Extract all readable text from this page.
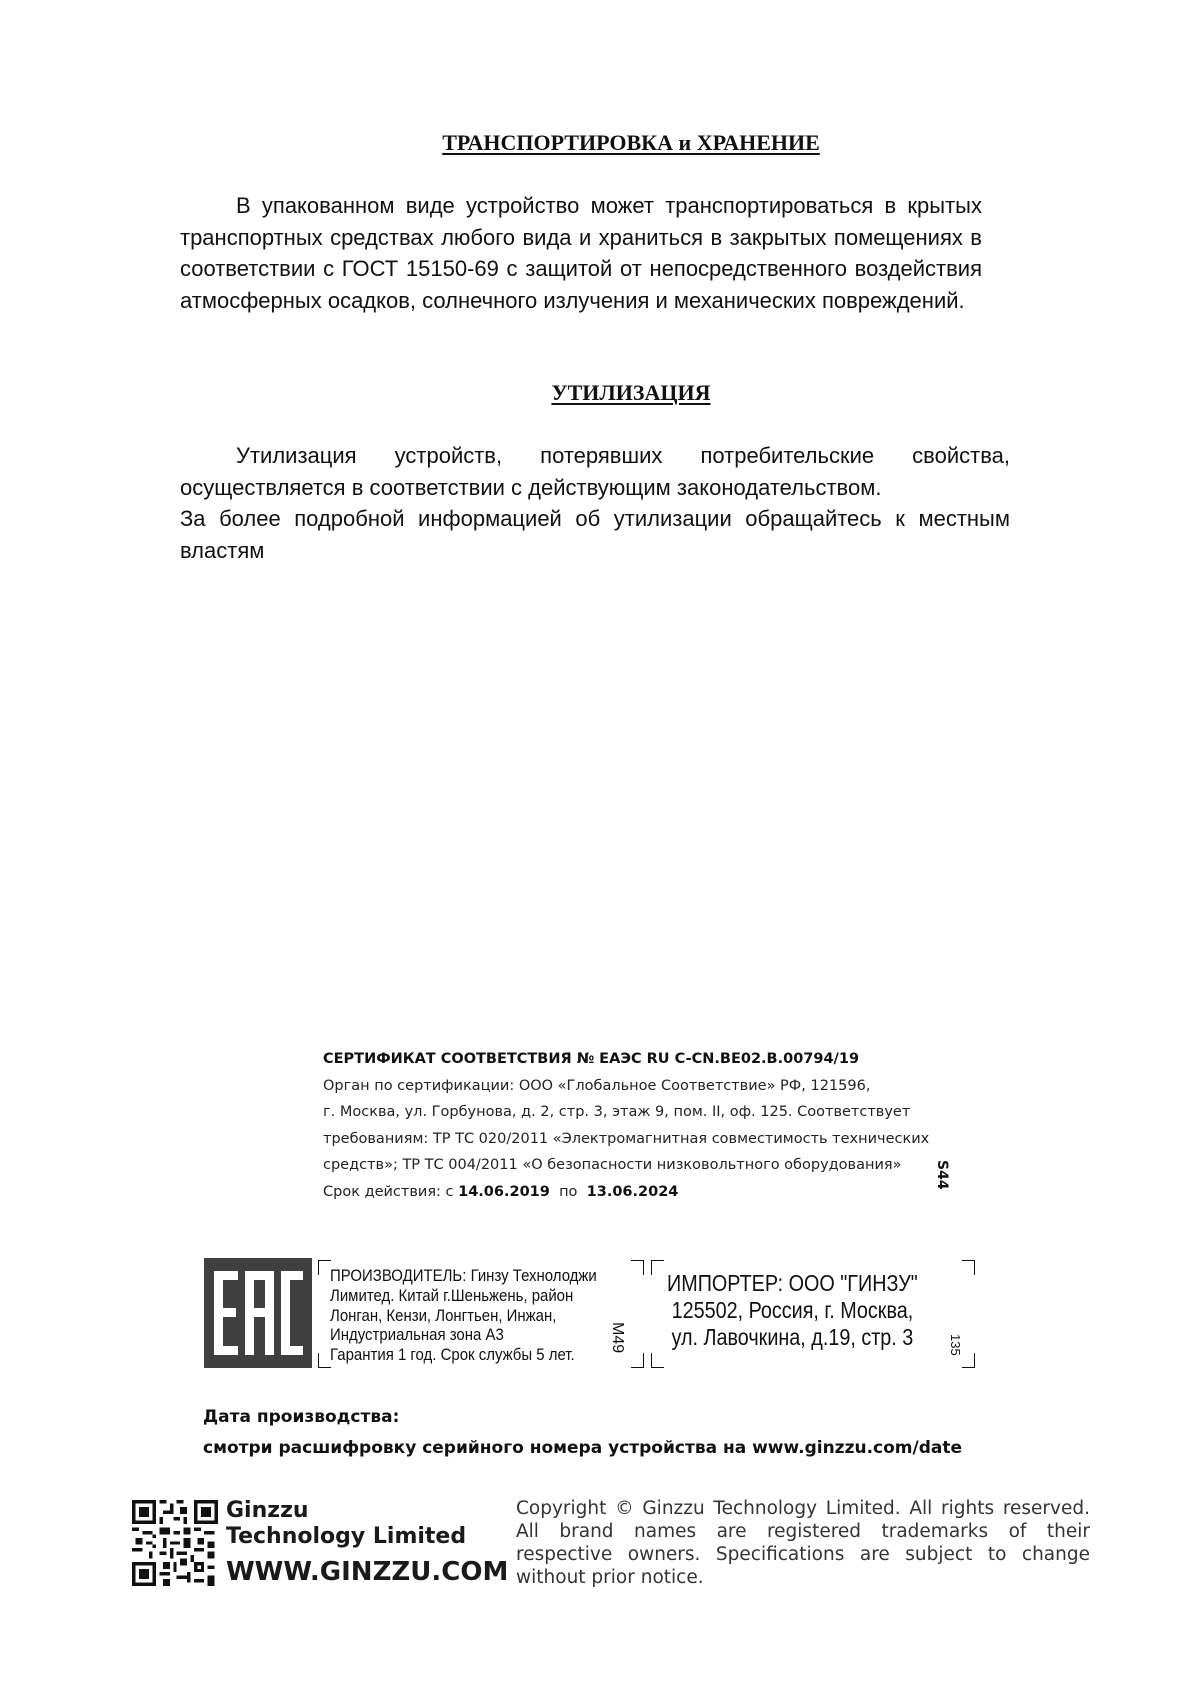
ТРАНСПОРТИРОВКА и ХРАНЕНИЕ

В упакованном виде устройство может транспортироваться в крытых транспортных средствах любого вида и храниться в закрытых помещениях в соответствии с ГОСТ 15150-69 с защитой от непосредственного воздействия атмосферных осадков, солнечного излучения и механических повреждений.

УТИЛИЗАЦИЯ

Утилизация устройств, потерявших потребительские свойства, осуществляется в соответствии с действующим законодательством.

За более подробной информацией об утилизации обращайтесь к местным властям

СЕРТИФИКАТ СООТВЕТСТВИЯ № ЕАЭС RU C-CN.BE02.B.00794/19
Орган по сертификации: ООО «Глобальное Соответствие» РФ, 121596,
г. Москва, ул. Горбунова, д. 2, стр. 3, этаж 9, пом. II, оф. 125. Соответствует
требованиям: ТР ТС 020/2011 «Электромагнитная совместимость технических
средств»; ТР ТС 004/2011 «О безопасности низковольтного оборудования»
Срок действия: с 14.06.2019  по  13.06.2024
S44
ПРОИЗВОДИТЕЛЬ: Гинзу Технолоджи
Лимитед. Китай г.Шеньжень, район
Лонган, Кензи, Лонгтьен, Инжан,
Индустриальная зона А3
Гарантия 1 год. Срок службы 5 лет.
M49
ИМПОРТЕР: ООО "ГИНЗУ"
125502, Россия, г. Москва,
ул. Лавочкина, д.19, стр. 3	135
Дата производства:
смотри расшифровку серийного номера устройства на www.ginzzu.com/date
Ginzzu
Technology Limited
WWW.GINZZU.COM
Copyright © Ginzzu Technology Limited. All rights reserved. All brand names are registered trademarks of their respective owners. Specifications are subject to change without prior notice.
